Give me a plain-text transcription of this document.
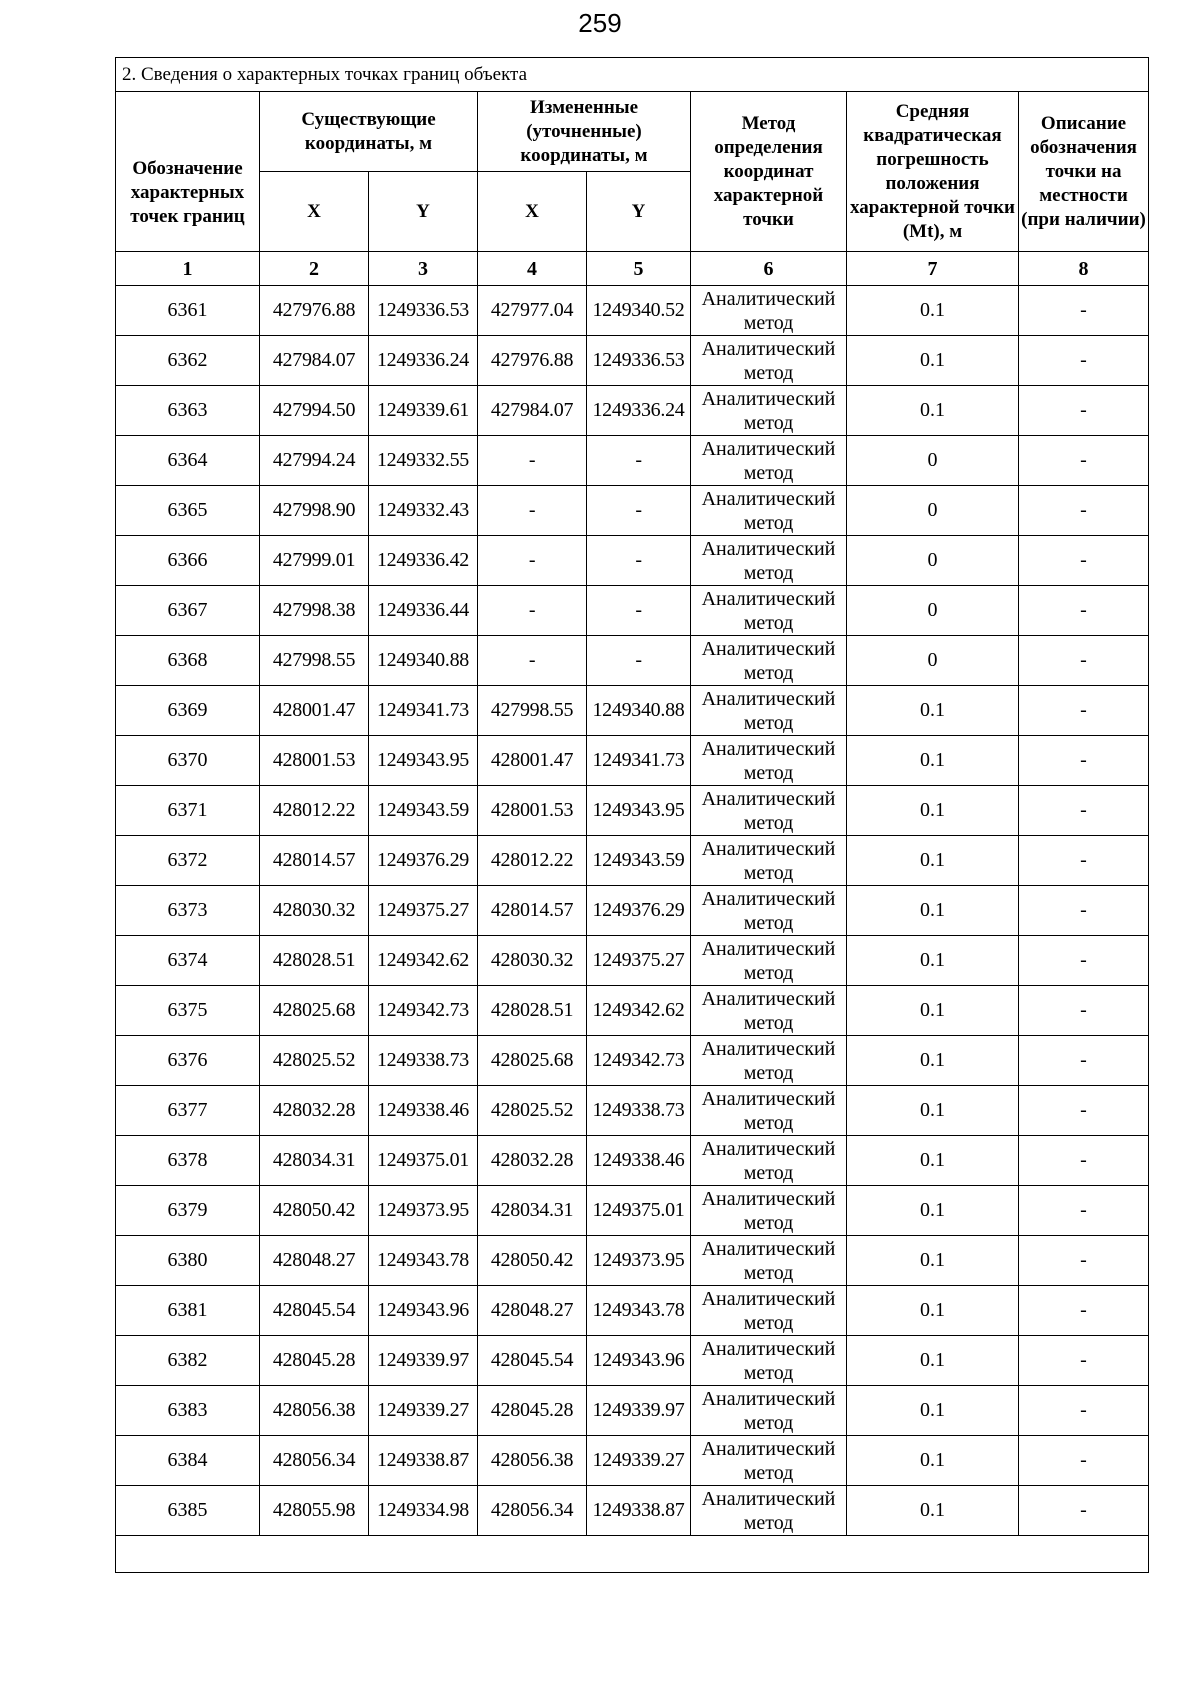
259
2. Сведения о характерных точках границ объекта							
Обозначение характерных точек границ	Существующие координаты, м		Измененные (уточненные) координаты, м		Метод определения координат характерной точки	Средняя квадратическая погрешность положения характерной точки (Mt), м	Описание обозначения точки на местности (при наличии)
	X	Y	X	Y			
1	2	3	4	5	6	7	8
6361	427976.88	1249336.53	427977.04	1249340.52	Аналитический метод	0.1	-
6362	427984.07	1249336.24	427976.88	1249336.53	Аналитический метод	0.1	-
6363	427994.50	1249339.61	427984.07	1249336.24	Аналитический метод	0.1	-
6364	427994.24	1249332.55	-	-	Аналитический метод	0	-
6365	427998.90	1249332.43	-	-	Аналитический метод	0	-
6366	427999.01	1249336.42	-	-	Аналитический метод	0	-
6367	427998.38	1249336.44	-	-	Аналитический метод	0	-
6368	427998.55	1249340.88	-	-	Аналитический метод	0	-
6369	428001.47	1249341.73	427998.55	1249340.88	Аналитический метод	0.1	-
6370	428001.53	1249343.95	428001.47	1249341.73	Аналитический метод	0.1	-
6371	428012.22	1249343.59	428001.53	1249343.95	Аналитический метод	0.1	-
6372	428014.57	1249376.29	428012.22	1249343.59	Аналитический метод	0.1	-
6373	428030.32	1249375.27	428014.57	1249376.29	Аналитический метод	0.1	-
6374	428028.51	1249342.62	428030.32	1249375.27	Аналитический метод	0.1	-
6375	428025.68	1249342.73	428028.51	1249342.62	Аналитический метод	0.1	-
6376	428025.52	1249338.73	428025.68	1249342.73	Аналитический метод	0.1	-
6377	428032.28	1249338.46	428025.52	1249338.73	Аналитический метод	0.1	-
6378	428034.31	1249375.01	428032.28	1249338.46	Аналитический метод	0.1	-
6379	428050.42	1249373.95	428034.31	1249375.01	Аналитический метод	0.1	-
6380	428048.27	1249343.78	428050.42	1249373.95	Аналитический метод	0.1	-
6381	428045.54	1249343.96	428048.27	1249343.78	Аналитический метод	0.1	-
6382	428045.28	1249339.97	428045.54	1249343.96	Аналитический метод	0.1	-
6383	428056.38	1249339.27	428045.28	1249339.97	Аналитический метод	0.1	-
6384	428056.34	1249338.87	428056.38	1249339.27	Аналитический метод	0.1	-
6385	428055.98	1249334.98	428056.34	1249338.87	Аналитический метод	0.1	-
